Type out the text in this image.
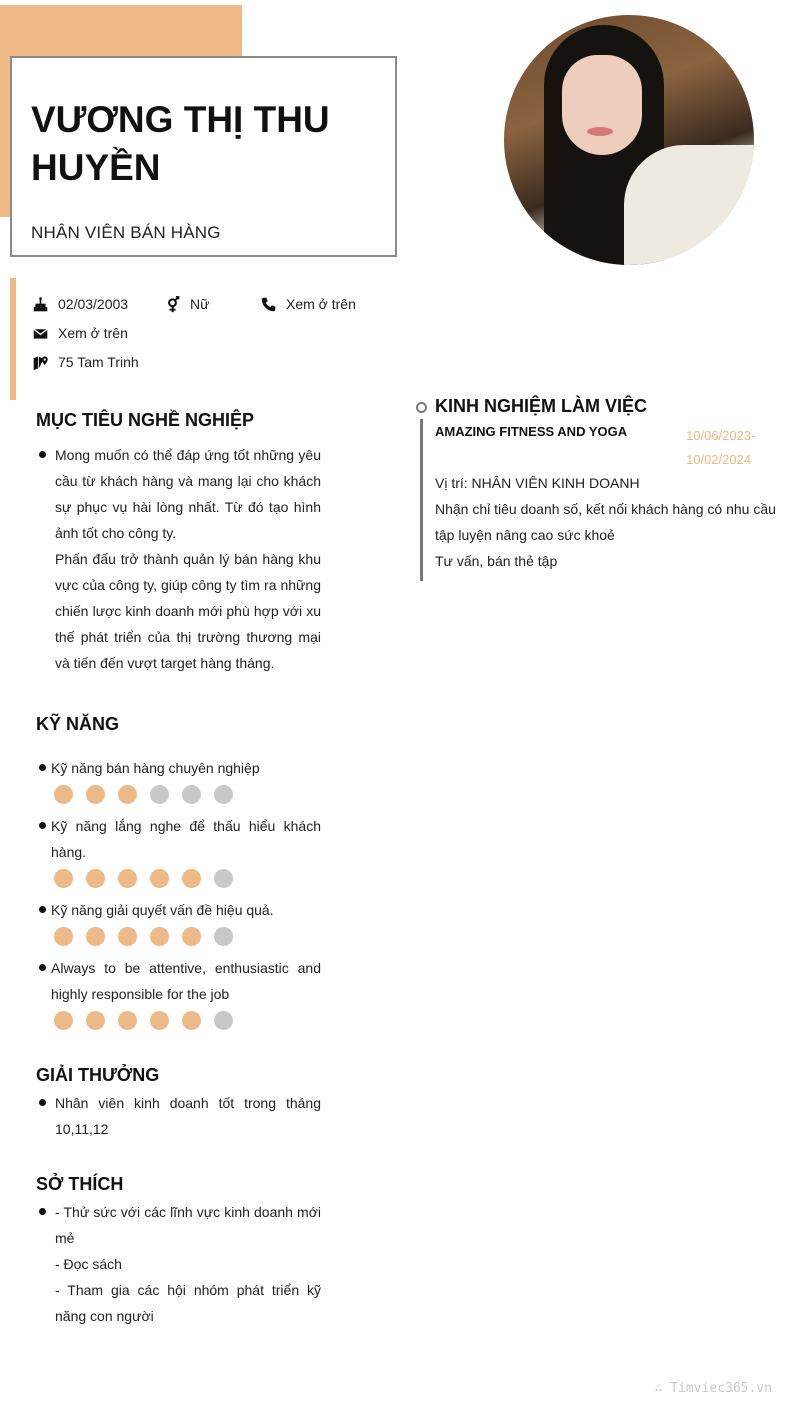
VƯƠNG THỊ THU HUYỀN
NHÂN VIÊN BÁN HÀNG
02/03/2003	Nữ	Xem ở trên
Xem ở trên
75 Tam Trinh
MỤC TIÊU NGHỀ NGHIỆP

Mong muốn có thể đáp ứng tốt những yêu cầu từ khách hàng và mang lại cho khách sự phục vụ hài lòng nhất. Từ đó tạo hình ảnh tốt cho công ty.

Phấn đấu trở thành quản lý bán hàng khu vực của công ty, giúp công ty tìm ra những chiến lược kinh doanh mới phù hợp với xu thế phát triển của thị trường thương mại và tiến đến vượt target hàng tháng.

KỸ NĂNG
Kỹ năng bán hàng chuyên nghiệp
Kỹ năng lắng nghe để thấu hiểu khách hàng.
Kỹ năng giải quyết vấn đề hiệu quả.
Always to be attentive, enthusiastic and highly responsible for the job
GIẢI THƯỞNG

Nhân viên kinh doanh tốt trong tháng 10,11,12

SỞ THÍCH

- Thử sức với các lĩnh vực kinh doanh mới mẻ

- Đọc sách

- Tham gia các hội nhóm phát triển kỹ năng con người

KINH NGHIỆM LÀM VIỆC
AMAZING FITNESS AND YOGA	10/06/2023-
10/02/2024

Vị trí: NHÂN VIÊN KINH DOANH

Nhận chỉ tiêu doanh số, kết nối khách hàng có nhu cầu tập luyện nâng cao sức khoẻ

Tư vấn, bán thẻ tập

∴ Timviec365.vn
